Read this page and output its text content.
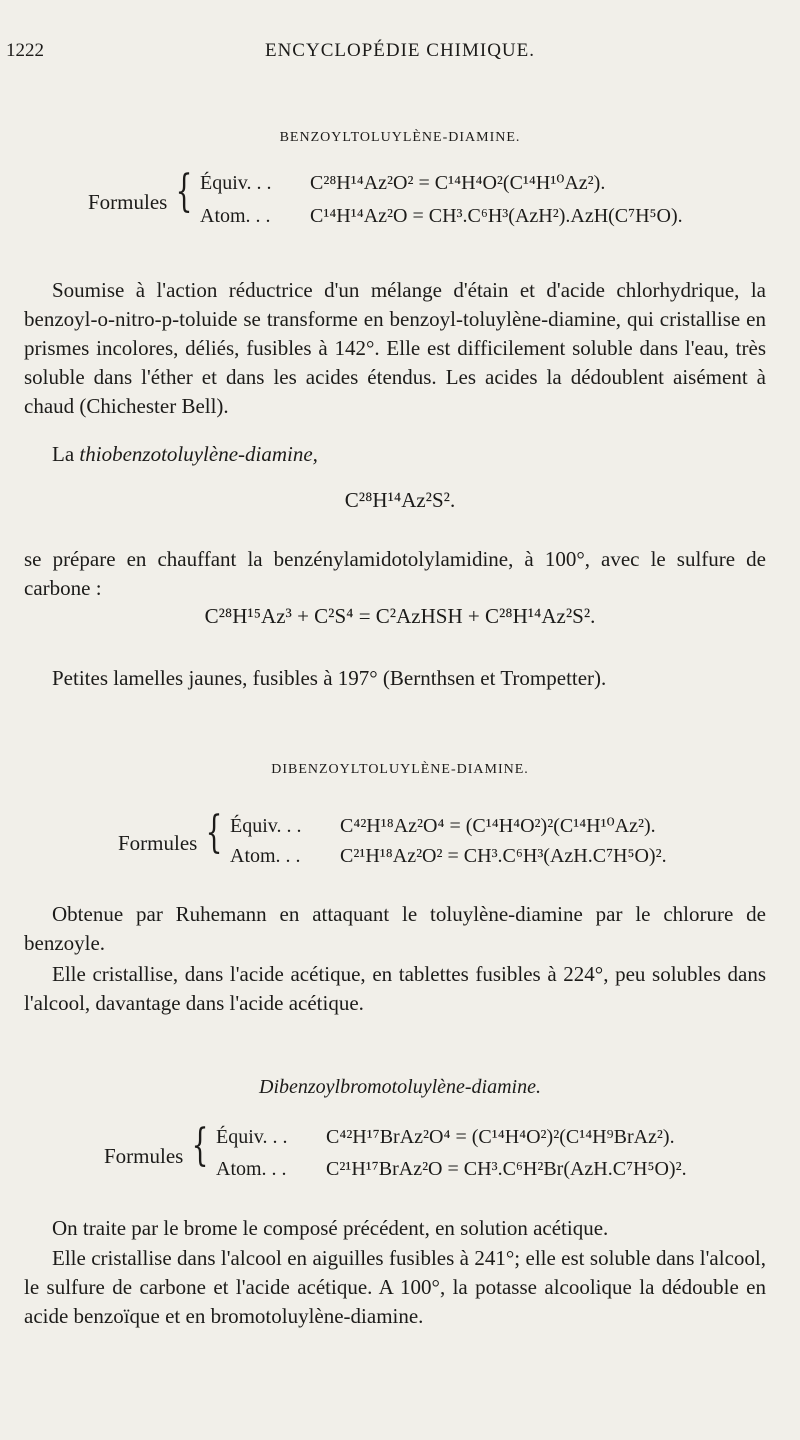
1222	ENCYCLOPÉDIE CHIMIQUE.
BENZOYLTOLUYLÈNE-DIAMINE.
Formules { Équiv. . . C²⁸H¹⁴Az²O² = C¹⁴H⁴O²(C¹⁴H¹⁰Az²).
Atom. . . C¹⁴H¹⁴Az²O = CH³.C⁶H³(AzH²).AzH(C⁷H⁵O).
Soumise à l'action réductrice d'un mélange d'étain et d'acide chlorhydrique, la benzoyl-o-nitro-p-toluide se transforme en benzoyl-toluylène-diamine, qui cristallise en prismes incolores, déliés, fusibles à 142°. Elle est difficilement soluble dans l'eau, très soluble dans l'éther et dans les acides étendus. Les acides la dédoublent aisément à chaud (Chichester Bell).
La thiobenzotoluylène-diamine,
C²⁸H¹⁴Az²S².
se prépare en chauffant la benzénylamidotolylamidine, à 100°, avec le sulfure de carbone :
C²⁸H¹⁵Az³ + C²S⁴ = C²AzHSH + C²⁸H¹⁴Az²S².
Petites lamelles jaunes, fusibles à 197° (Bernthsen et Trompetter).
DIBENZOYLTOLUYLÈNE-DIAMINE.
Formules { Équiv. . . C⁴²H¹⁸Az²O⁴ = (C¹⁴H⁴O²)²(C¹⁴H¹⁰Az²).
Atom. . . C²¹H¹⁸Az²O² = CH³.C⁶H³(AzH.C⁷H⁵O)².
Obtenue par Ruhemann en attaquant le toluylène-diamine par le chlorure de benzoyle.
Elle cristallise, dans l'acide acétique, en tablettes fusibles à 224°, peu solubles dans l'alcool, davantage dans l'acide acétique.
Dibenzoylbromotoluylène-diamine.
Formules { Équiv. . . C⁴²H¹⁷BrAz²O⁴ = (C¹⁴H⁴O²)²(C¹⁴H⁹BrAz²).
Atom. . . C²¹H¹⁷BrAz²O = CH³.C⁶H²Br(AzH.C⁷H⁵O)².
On traite par le brome le composé précédent, en solution acétique.
Elle cristallise dans l'alcool en aiguilles fusibles à 241°; elle est soluble dans l'alcool, le sulfure de carbone et l'acide acétique. A 100°, la potasse alcoolique la dédouble en acide benzoïque et en bromotoluylène-diamine.
